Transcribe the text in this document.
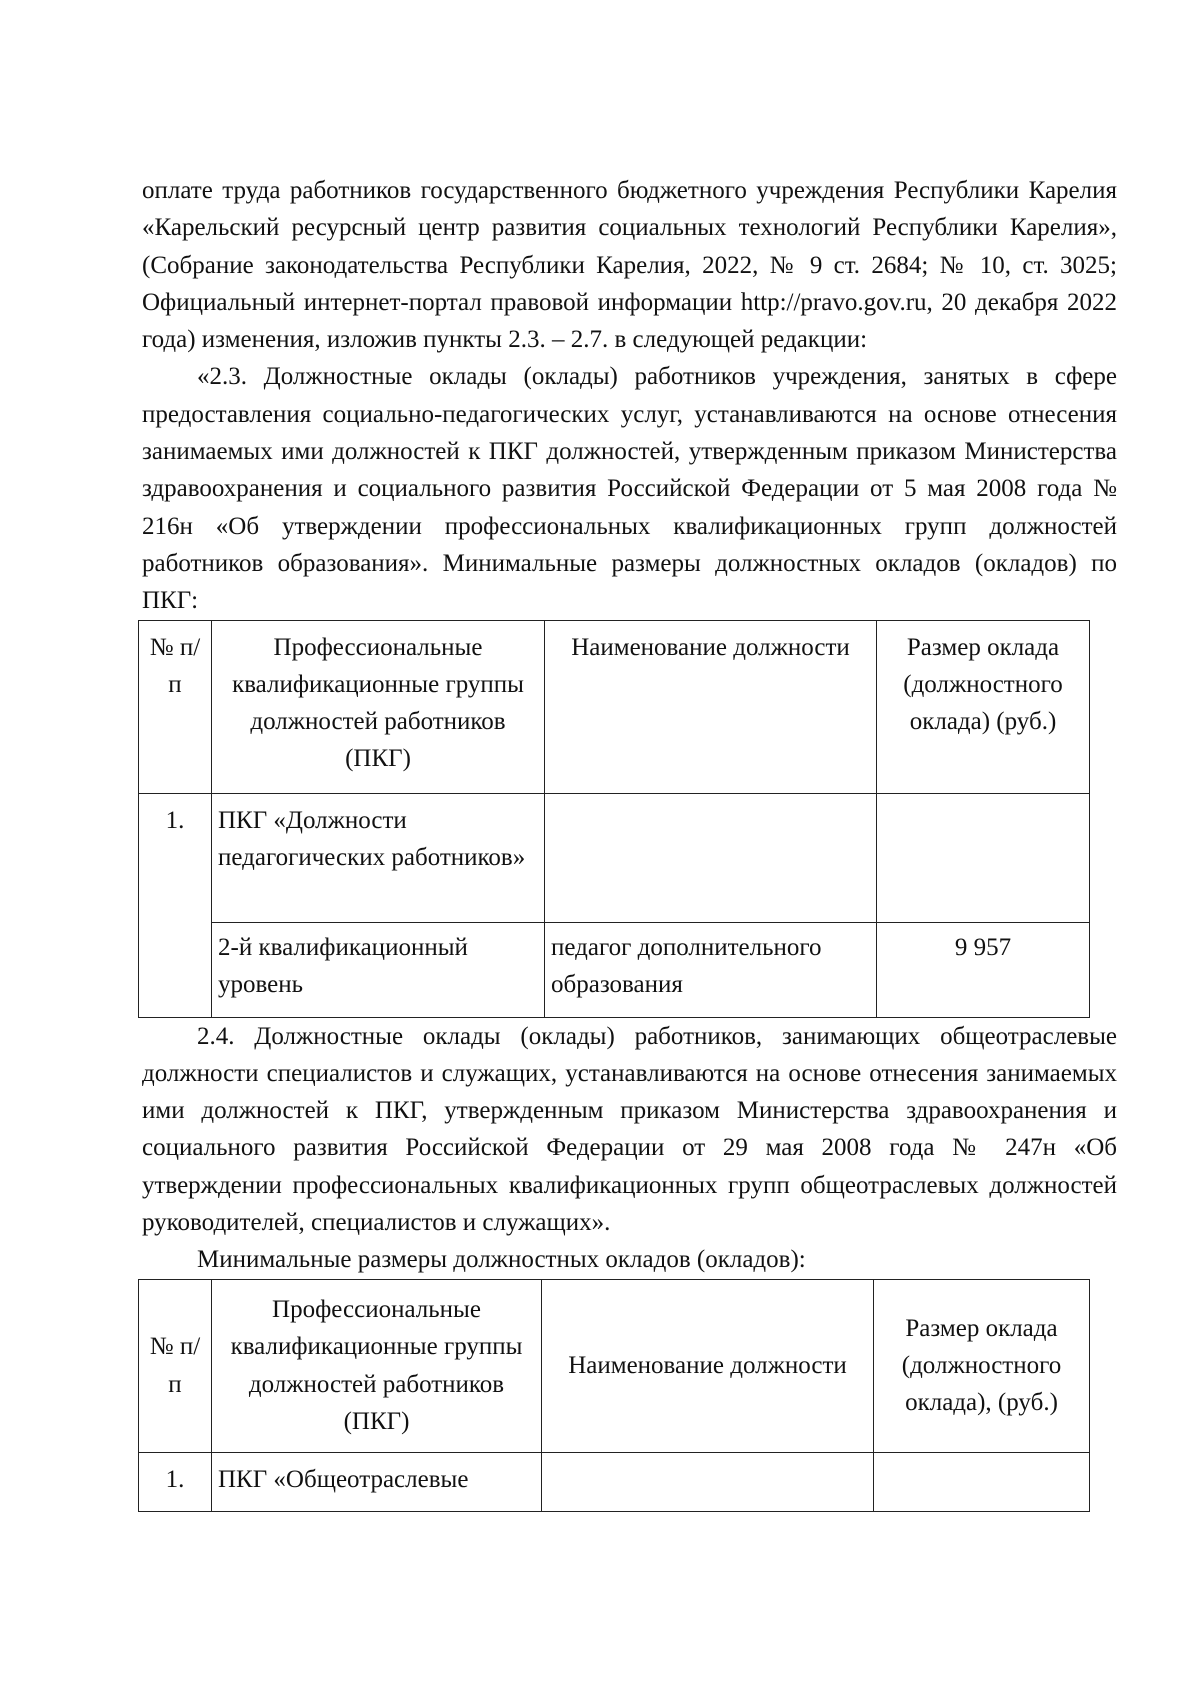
оплате труда работников государственного бюджетного учреждения Республики Карелия «Карельский ресурсный центр развития социальных технологий Республики Карелия», (Собрание законодательства Республики Карелия, 2022, № 9 ст. 2684; № 10, ст. 3025; Официальный интернет-портал правовой информации http://pravo.gov.ru, 20 декабря 2022 года) изменения, изложив пункты 2.3. – 2.7. в следующей редакции:

«2.3. Должностные оклады (оклады) работников учреждения, занятых в сфере предоставления социально-педагогических услуг, устанавливаются на основе отнесения занимаемых ими должностей к ПКГ должностей, утвержденным приказом Министерства здравоохранения и социального развития Российской Федерации от 5 мая 2008 года № 216н «Об утверждении профессиональных квалификационных групп должностей работников образования». Минимальные размеры должностных окладов (окладов) по ПКГ:

№ п/п	Профессиональные квалификационные группы должностей работников (ПКГ)	Наименование должности	Размер оклада (должностного оклада) (руб.)
1.	ПКГ «Должности педагогических работников»		
	2-й квалификационный уровень	педагог дополнительного образования	9 957

2.4. Должностные оклады (оклады) работников, занимающих общеотраслевые должности специалистов и служащих, устанавливаются на основе отнесения занимаемых ими должностей к ПКГ, утвержденным приказом Министерства здравоохранения и социального развития Российской Федерации от 29 мая 2008 года № 247н «Об утверждении профессиональных квалификационных групп общеотраслевых должностей руководителей, специалистов и служащих».

Минимальные размеры должностных окладов (окладов):

№ п/п	Профессиональные квалификационные группы должностей работников (ПКГ)	Наименование должности	Размер оклада (должностного оклада), (руб.)
1.	ПКГ «Общеотраслевые		
